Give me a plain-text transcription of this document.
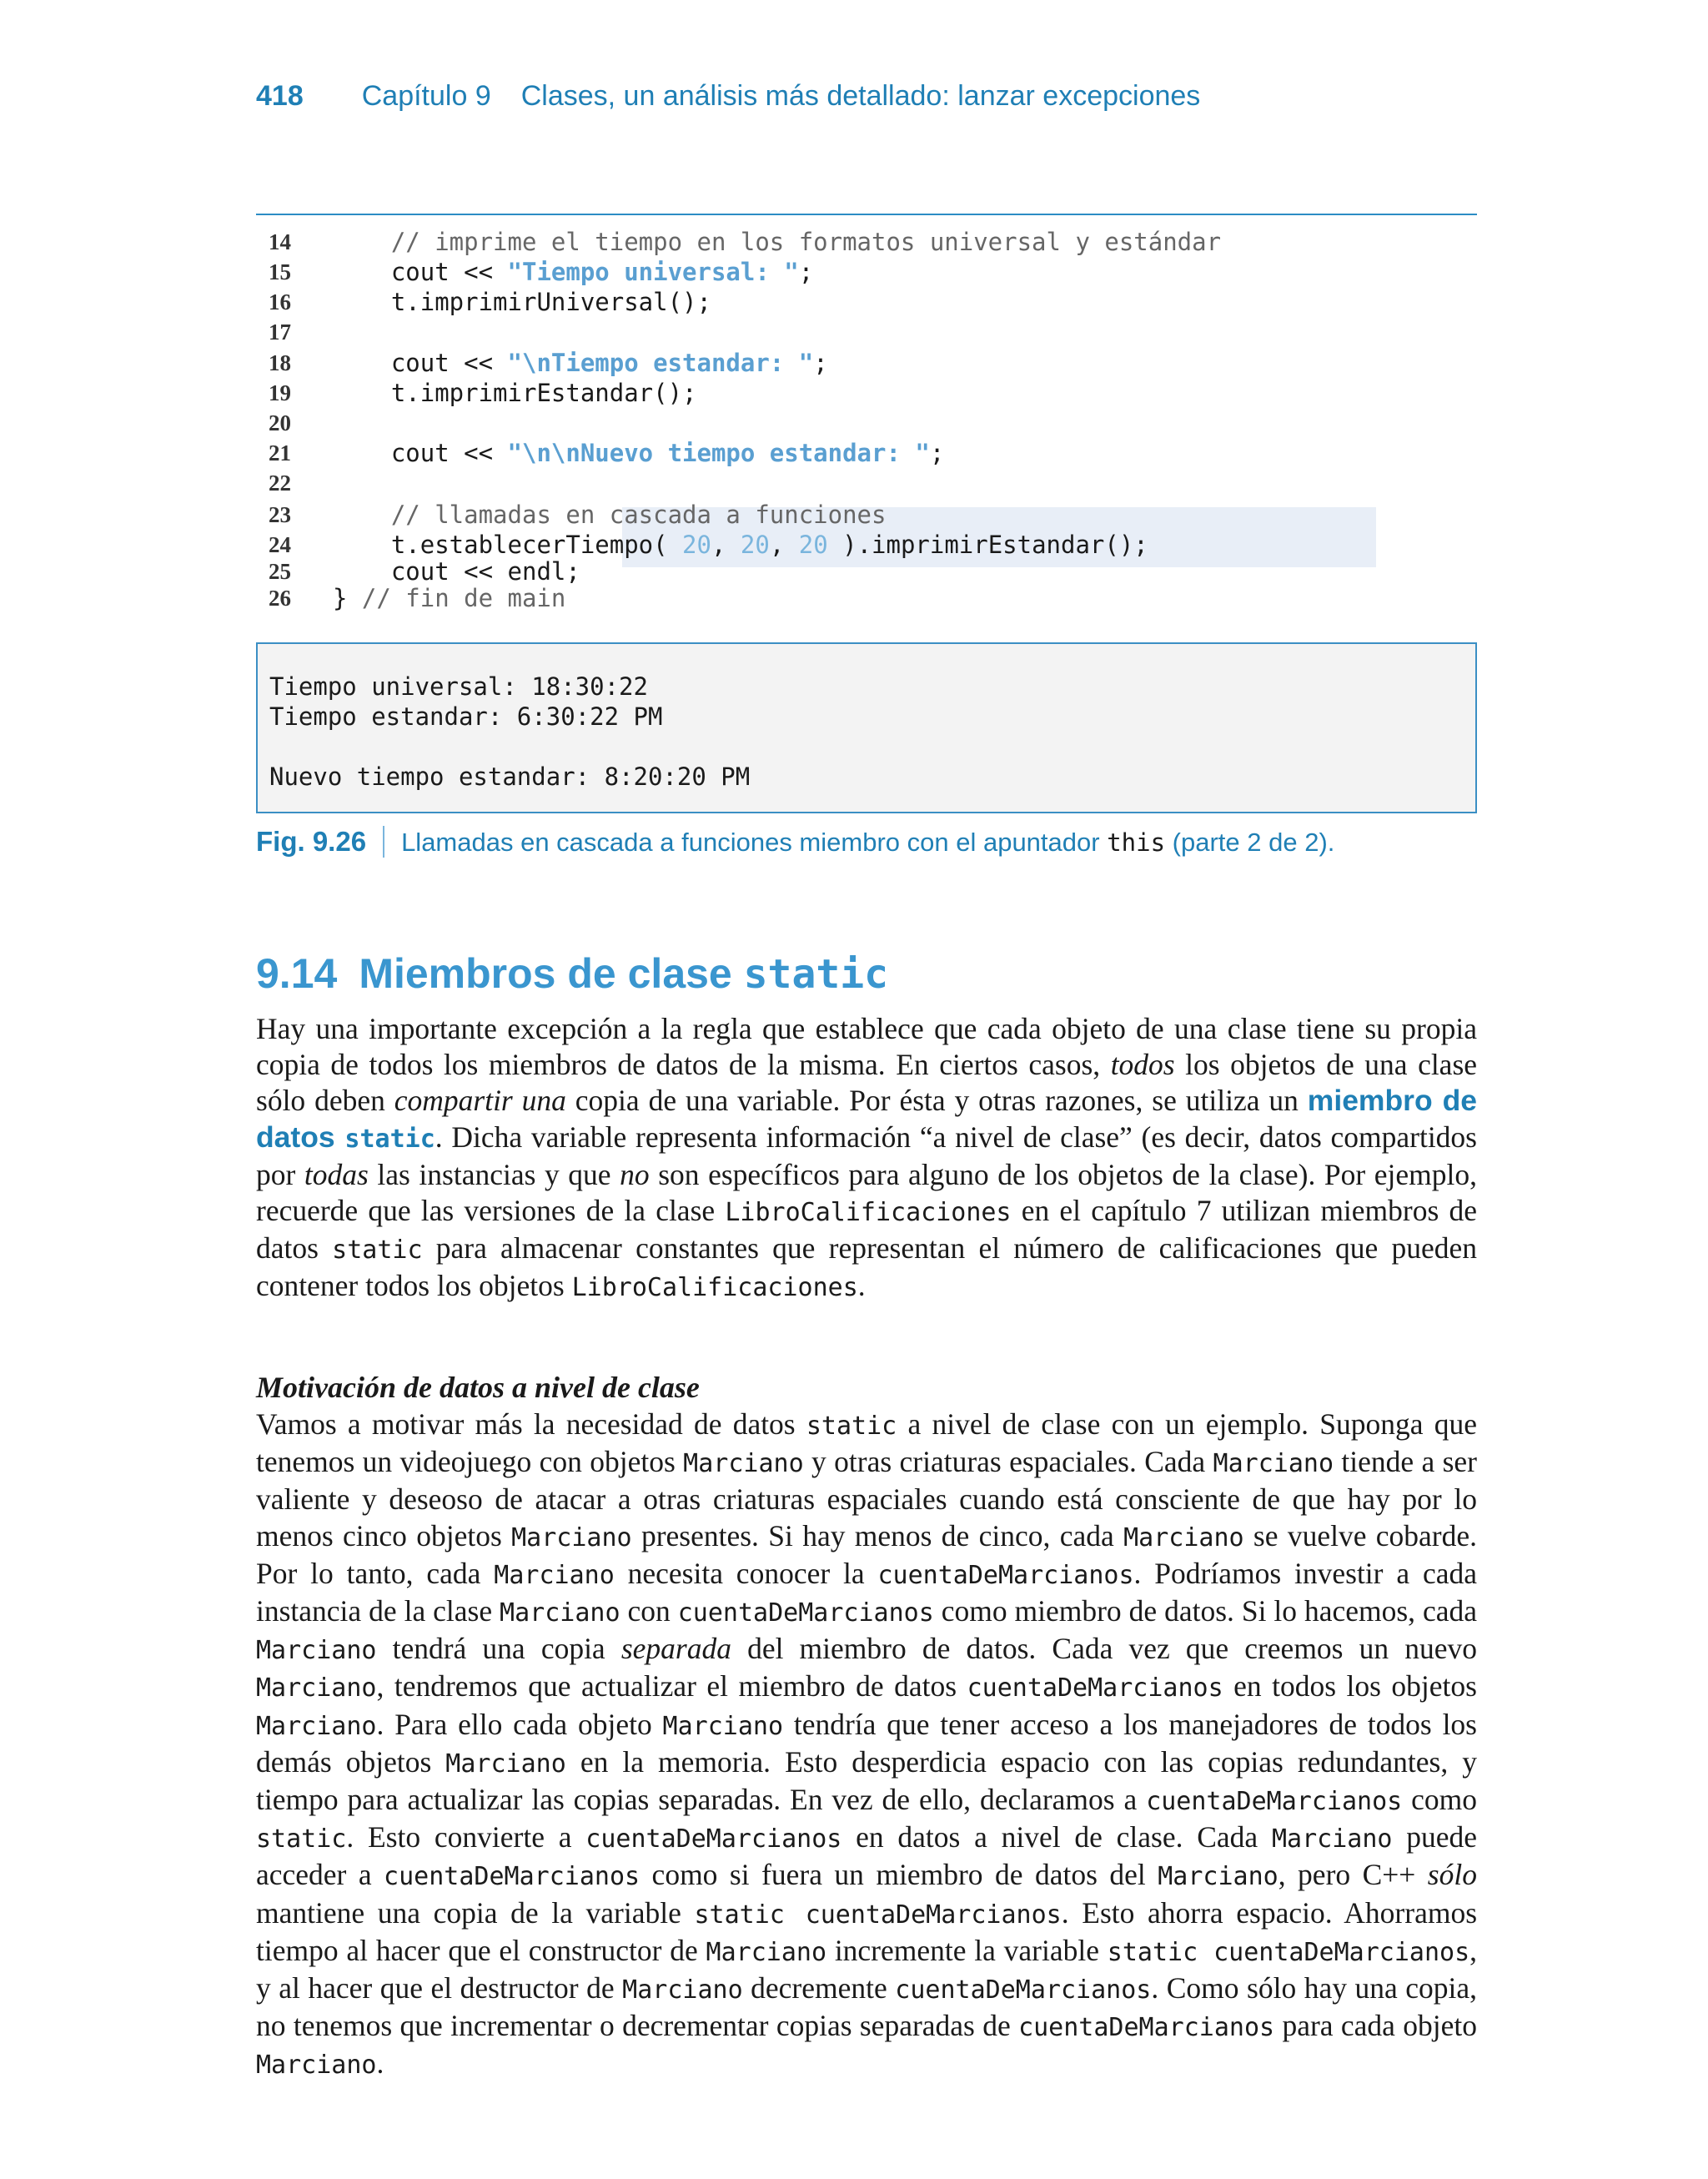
418 Capítulo 9 Clases, un análisis más detallado: lanzar excepciones
14	// imprime el tiempo en los formatos universal y estándar
15	cout << "Tiempo universal: ";
16	t.imprimirUniversal();
17
18	cout << "\nTiempo estandar: ";
19	t.imprimirEstandar();
20
21	cout << "\n\nNuevo tiempo estandar: ";
22
23	// llamadas en cascada a funciones
24	t.establecerTiempo( 20, 20, 20 ).imprimirEstandar();
25	cout << endl;
26	} // fin de main
Tiempo universal: 18:30:22
Tiempo estandar: 6:30:22 PM
Nuevo tiempo estandar: 8:20:20 PM
Fig. 9.26 Llamadas en cascada a funciones miembro con el apuntador this (parte 2 de 2).
9.14 Miembros de clase static

Hay una importante excepción a la regla que establece que cada objeto de una clase tiene su propia copia de todos los miembros de datos de la misma. En ciertos casos, todos los objetos de una clase sólo deben compartir una copia de una variable. Por ésta y otras razones, se utiliza un miembro de datos static. Dicha variable representa información “a nivel de clase” (es decir, datos compartidos por todas las instancias y que no son específicos para alguno de los objetos de la clase). Por ejemplo, recuerde que las versiones de la clase LibroCalificaciones en el capítulo 7 utilizan miembros de datos static para almacenar constantes que representan el número de calificaciones que pueden contener todos los objetos LibroCalificaciones.

Motivación de datos a nivel de clase

Vamos a motivar más la necesidad de datos static a nivel de clase con un ejemplo. Suponga que tenemos un videojuego con objetos Marciano y otras criaturas espaciales. Cada Marciano tiende a ser valiente y deseoso de atacar a otras criaturas espaciales cuando está consciente de que hay por lo menos cinco objetos Marciano presentes. Si hay menos de cinco, cada Marciano se vuelve cobarde. Por lo tanto, cada Marciano necesita conocer la cuentaDeMarcianos. Podríamos investir a cada instancia de la clase Marciano con cuentaDeMarcianos como miembro de datos. Si lo hacemos, cada Marciano tendrá una copia separada del miembro de datos. Cada vez que creemos un nuevo Marciano, tendremos que actualizar el miembro de datos cuentaDeMarcianos en todos los objetos Marciano. Para ello cada objeto Marciano tendría que tener acceso a los manejadores de todos los demás objetos Marciano en la memoria. Esto desperdicia espacio con las copias redundantes, y tiempo para actualizar las copias separadas. En vez de ello, declaramos a cuentaDeMarcianos como static. Esto convierte a cuentaDeMarcianos en datos a nivel de clase. Cada Marciano puede acceder a cuentaDeMarcianos como si fuera un miembro de datos del Marciano, pero C++ sólo mantiene una copia de la variable static cuentaDeMarcianos. Esto ahorra espacio. Ahorramos tiempo al hacer que el constructor de Marciano incremente la variable static cuentaDeMarcianos, y al hacer que el destructor de Marciano decremente cuentaDeMarcianos. Como sólo hay una copia, no tenemos que incrementar o decrementar copias separadas de cuentaDeMarcianos para cada objeto Marciano.
